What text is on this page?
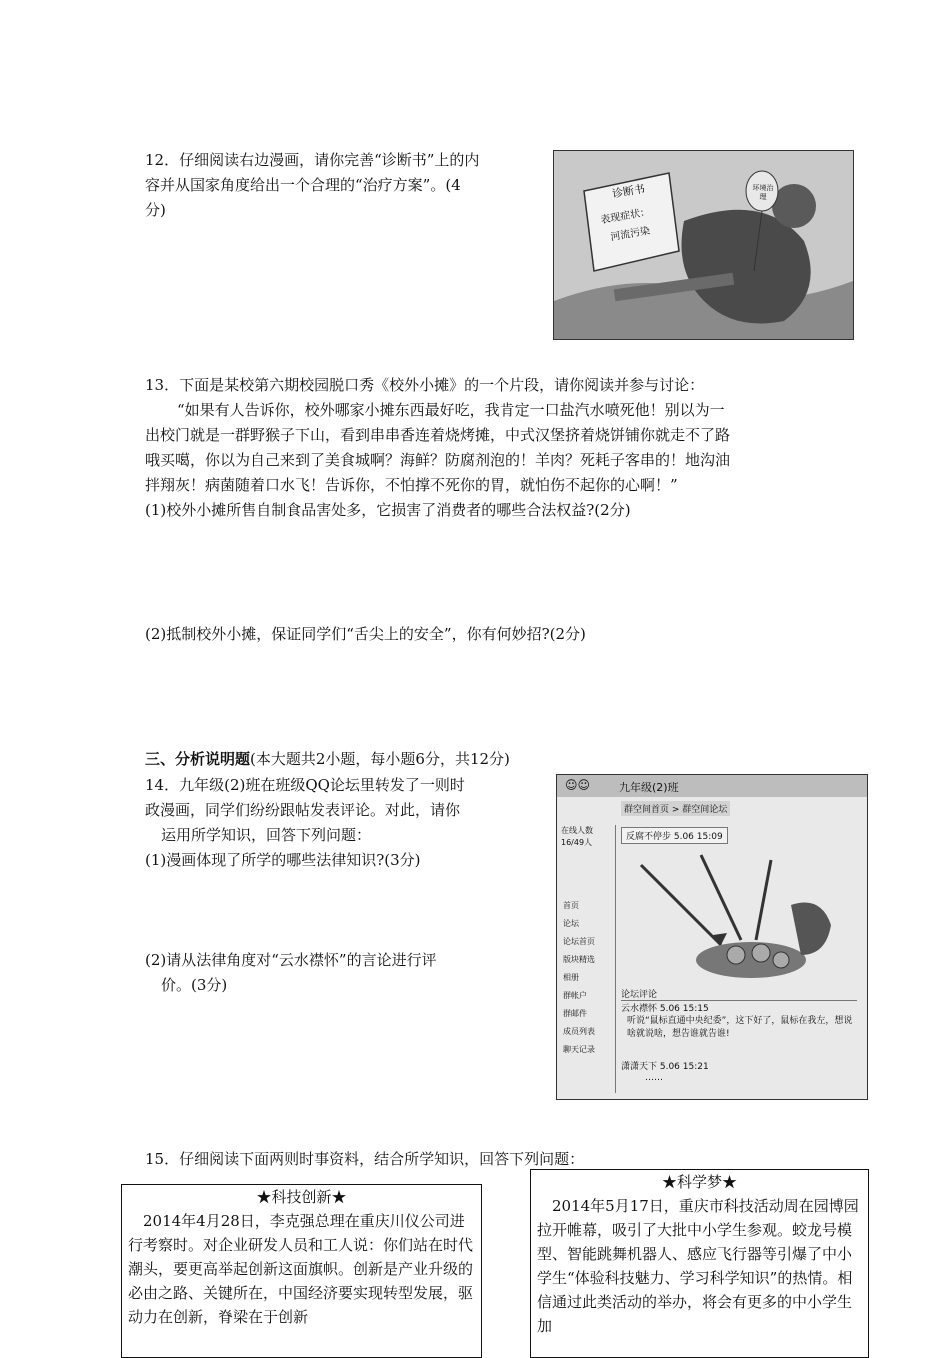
12．仔细阅读右边漫画，请你完善“诊断书”上的内
容并从国家角度给出一个合理的“治疗方案”。(4
分)
诊断书
表现症状：
河流污染
环境治理
13．下面是某校第六期校园脱口秀《校外小摊》的一个片段，请你阅读并参与讨论：
“如果有人告诉你，校外哪家小摊东西最好吃，我肯定一口盐汽水喷死他！别以为一
出校门就是一群野猴子下山，看到串串香连着烧烤摊，中式汉堡挤着烧饼铺你就走不了路
哦买噶，你以为自己来到了美食城啊？海鲜？防腐剂泡的！羊肉？死耗子客串的！地沟油
拌翔灰！病菌随着口水飞！告诉你，不怕撑不死你的胃，就怕伤不起你的心啊！”
(1)校外小摊所售自制食品害处多，它损害了消费者的哪些合法权益?(2分)
(2)抵制校外小摊，保证同学们“舌尖上的安全”，你有何妙招?(2分)
三、分析说明题(本大题共2小题，每小题6分，共12分)
14．九年级(2)班在班级QQ论坛里转发了一则时
政漫画，同学们纷纷跟帖发表评论。对此，请你
运用所学知识，回答下列问题：
(1)漫画体现了所学的哪些法律知识?(3分)
(2)请从法律角度对“云水襟怀”的言论进行评
价。(3分)
☺☺	九年级(2)班
群空间首页 > 群空间论坛
在线人数
16/49人
首页
论坛
论坛首页
版块精选
相册
群帐户
群邮件
成员列表
聊天记录
反腐不停步 5.06 15:09
论坛评论
云水襟怀 5.06 15:15
听说“鼠标直通中央纪委”，这下好了，鼠标在我左，想说啥就说啥，想告谁就告谁!
潇潇天下 5.06 15:21
……
15．仔细阅读下面两则时事资料，结合所学知识，回答下列问题：
★科技创新★
　2014年4月28日，李克强总理在重庆川仪公司进行考察时。对企业研发人员和工人说：你们站在时代潮头，要更高举起创新这面旗帜。创新是产业升级的必由之路、关键所在，中国经济要实现转型发展，驱动力在创新，脊梁在于创新
★科学梦★
　2014年5月17日，重庆市科技活动周在园博园拉开帷幕，吸引了大批中小学生参观。蛟龙号模型、智能跳舞机器人、感应飞行器等引爆了中小学生“体验科技魅力、学习科学知识”的热情。相信通过此类活动的举办，将会有更多的中小学生加
